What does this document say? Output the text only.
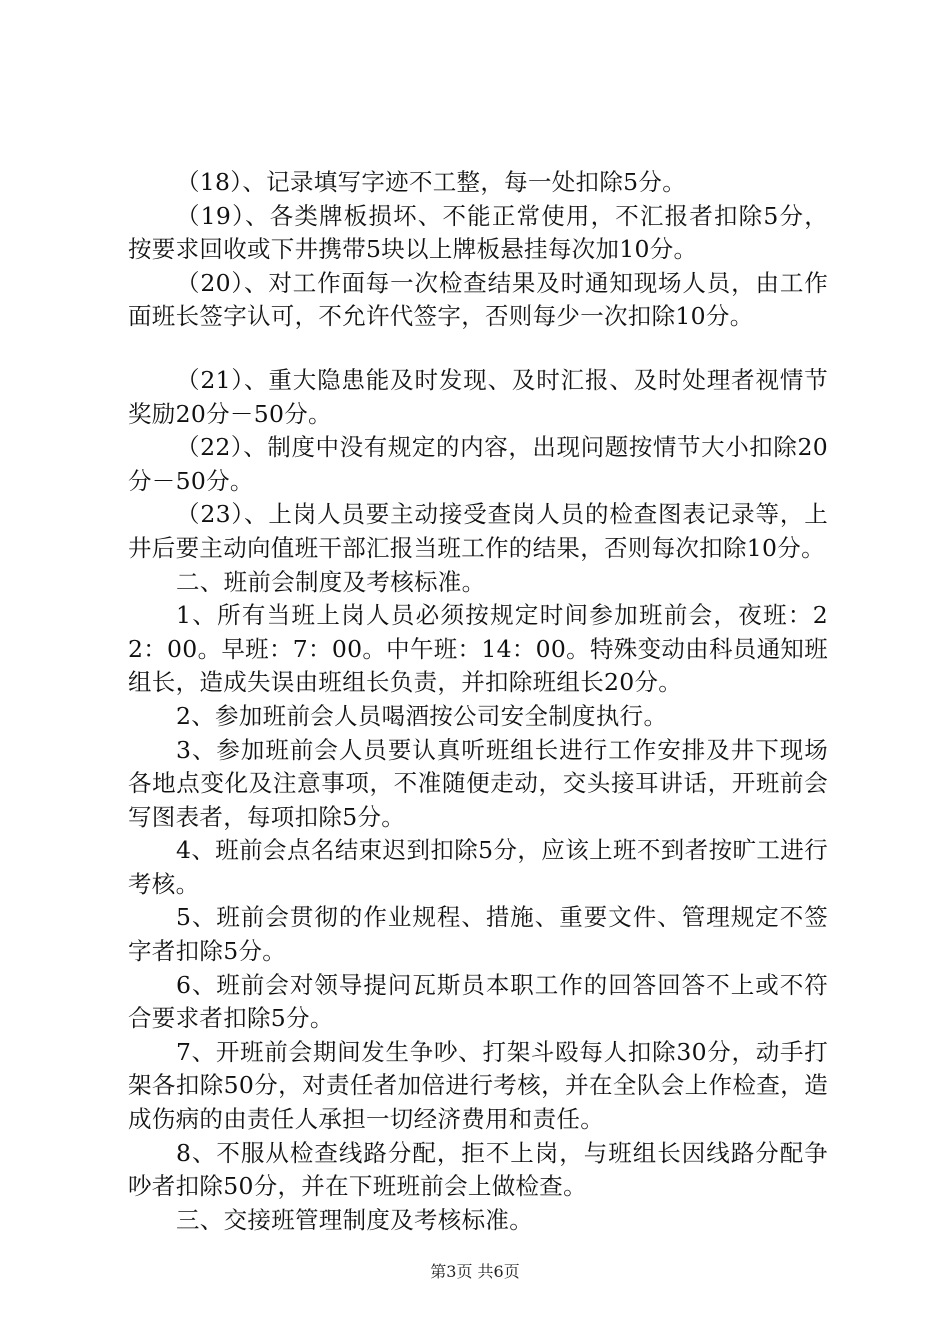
（18）、记录填写字迹不工整，每一处扣除5分。

（19）、各类牌板损坏、不能正常使用，不汇报者扣除5分，按要求回收或下井携带5块以上牌板悬挂每次加10分。

（20）、对工作面每一次检查结果及时通知现场人员，由工作面班长签字认可，不允许代签字，否则每少一次扣除10分。

（21）、重大隐患能及时发现、及时汇报、及时处理者视情节奖励20分－50分。

（22）、制度中没有规定的内容，出现问题按情节大小扣除20分－50分。

（23）、上岗人员要主动接受查岗人员的检查图表记录等，上井后要主动向值班干部汇报当班工作的结果，否则每次扣除10分。

二、班前会制度及考核标准。

1、所有当班上岗人员必须按规定时间参加班前会，夜班：22：00。早班：7：00。中午班：14：00。特殊变动由科员通知班组长，造成失误由班组长负责，并扣除班组长20分。

2、参加班前会人员喝酒按公司安全制度执行。

3、参加班前会人员要认真听班组长进行工作安排及井下现场各地点变化及注意事项，不准随便走动，交头接耳讲话，开班前会写图表者，每项扣除5分。

4、班前会点名结束迟到扣除5分，应该上班不到者按旷工进行考核。

5、班前会贯彻的作业规程、措施、重要文件、管理规定不签字者扣除5分。

6、班前会对领导提问瓦斯员本职工作的回答回答不上或不符合要求者扣除5分。

7、开班前会期间发生争吵、打架斗殴每人扣除30分，动手打架各扣除50分，对责任者加倍进行考核，并在全队会上作检查，造成伤病的由责任人承担一切经济费用和责任。

8、不服从检查线路分配，拒不上岗，与班组长因线路分配争吵者扣除50分，并在下班班前会上做检查。

三、交接班管理制度及考核标准。

第3页 共6页
